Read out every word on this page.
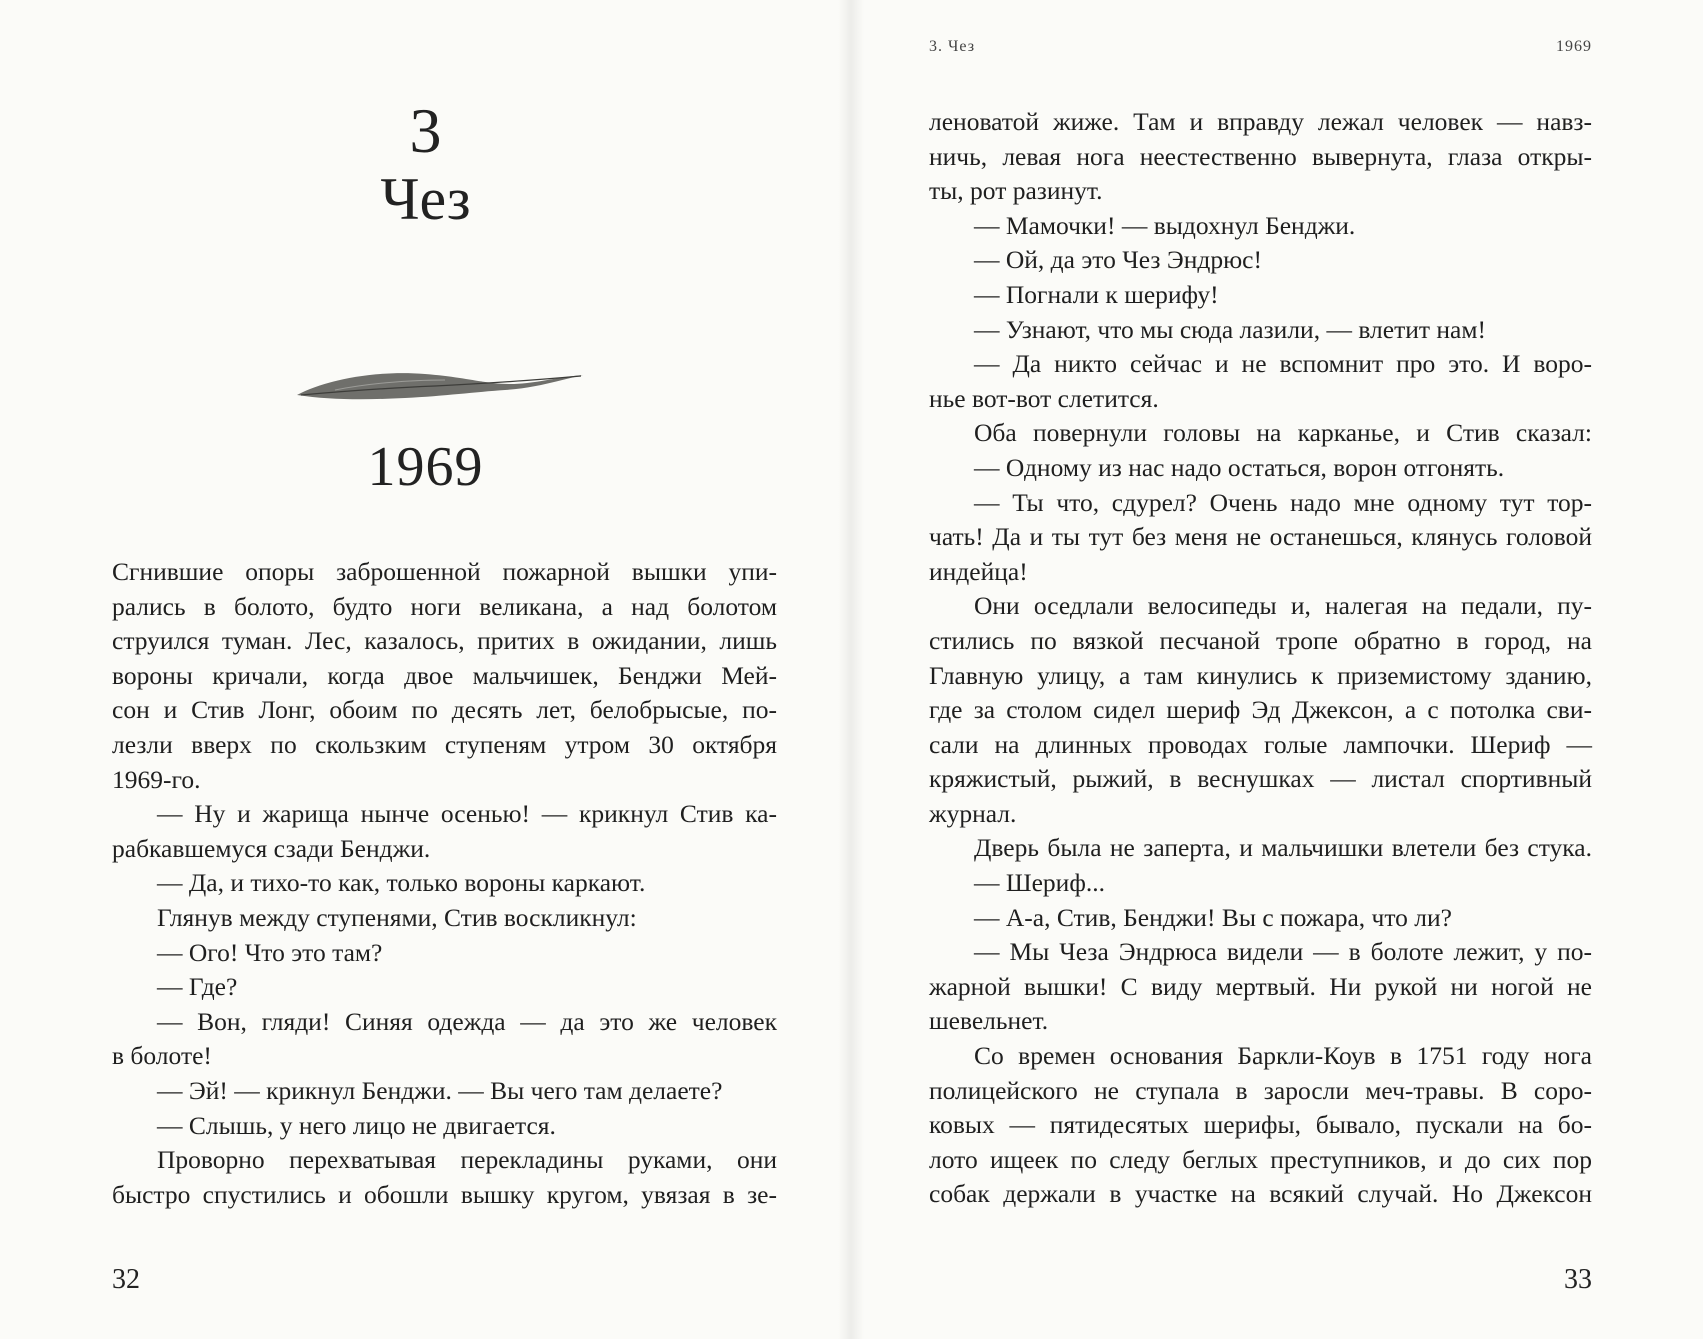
3
Чез
1969
Сгнившие опоры заброшенной пожарной вышки упи-
рались в болото, будто ноги великана, а над болотом
струился туман. Лес, казалось, притих в ожидании, лишь
вороны кричали, когда двое мальчишек, Бенджи Мей-
сон и Стив Лонг, обоим по десять лет, белобрысые, по-
лезли вверх по скользким ступеням утром 30 октября
1969-го.
— Ну и жарища нынче осенью! — крикнул Стив ка-
рабкавшемуся сзади Бенджи.
— Да, и тихо-то как, только вороны каркают.
Глянув между ступенями, Стив воскликнул:
— Ого! Что это там?
— Где?
— Вон, гляди! Синяя одежда — да это же человек
в болоте!
— Эй! — крикнул Бенджи. — Вы чего там делаете?
— Слышь, у него лицо не двигается.
Проворно перехватывая перекладины руками, они
быстро спустились и обошли вышку кругом, увязая в зе-
32
3. Чез	1969
леноватой жиже. Там и вправду лежал человек — навз-
ничь, левая нога неестественно вывернута, глаза откры-
ты, рот разинут.
— Мамочки! — выдохнул Бенджи.
— Ой, да это Чез Эндрюс!
— Погнали к шерифу!
— Узнают, что мы сюда лазили, — влетит нам!
— Да никто сейчас и не вспомнит про это. И воро-
нье вот-вот слетится.
Оба повернули головы на карканье, и Стив сказал:
— Одному из нас надо остаться, ворон отгонять.
— Ты что, сдурел? Очень надо мне одному тут тор-
чать! Да и ты тут без меня не останешься, клянусь головой
индейца!
Они оседлали велосипеды и, налегая на педали, пу-
стились по вязкой песчаной тропе обратно в город, на
Главную улицу, а там кинулись к приземистому зданию,
где за столом сидел шериф Эд Джексон, а с потолка сви-
сали на длинных проводах голые лампочки. Шериф —
кряжистый, рыжий, в веснушках — листал спортивный
журнал.
Дверь была не заперта, и мальчишки влетели без стука.
— Шериф...
— А-а, Стив, Бенджи! Вы с пожара, что ли?
— Мы Чеза Эндрюса видели — в болоте лежит, у по-
жарной вышки! С виду мертвый. Ни рукой ни ногой не
шевельнет.
Со времен основания Баркли-Коув в 1751 году нога
полицейского не ступала в заросли меч-травы. В соро-
ковых — пятидесятых шерифы, бывало, пускали на бо-
лото ищеек по следу беглых преступников, и до сих пор
собак держали в участке на всякий случай. Но Джексон
33
